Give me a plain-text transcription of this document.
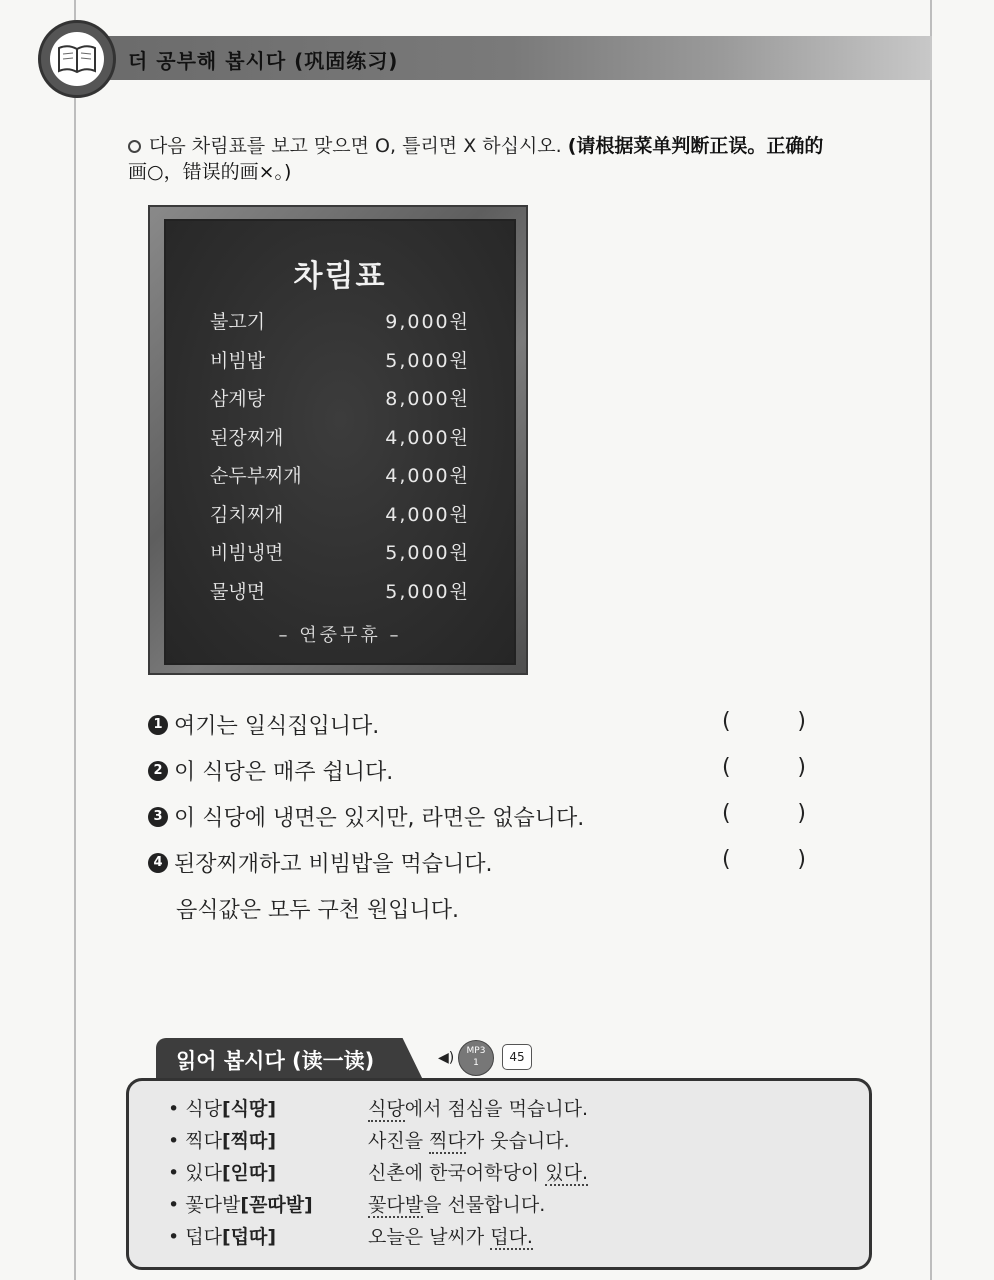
더 공부해 봅시다 (巩固练习)
다음 차림표를 보고 맞으면 O, 틀리면 X 하십시오. (请根据菜单判断正误。正确的
画○，错误的画×。)
차림표
불고기	9,000원
비빔밥	5,000원
삼계탕	8,000원
된장찌개	4,000원
순두부찌개	4,000원
김치찌개	4,000원
비빔냉면	5,000원
물냉면	5,000원
– 연중무휴 –
1 여기는 일식집입니다.	(	)
2 이 식당은 매주 쉽니다.	(	)
3 이 식당에 냉면은 있지만, 라면은 없습니다.	(	)
4 된장찌개하고 비빔밥을 먹습니다.	(	)
음식값은 모두 구천 원입니다.
읽어 봅시다 (读一读)	◀)	MP3
1	45
• 식당[식땅]	식당에서 점심을 먹습니다.
• 찍다[찍따]	사진을 찍다가 웃습니다.
• 있다[읻따]	신촌에 한국어학당이 있다.
• 꽃다발[꼳따발]	꽃다발을 선물합니다.
• 덥다[덥따]	오늘은 날씨가 덥다.
